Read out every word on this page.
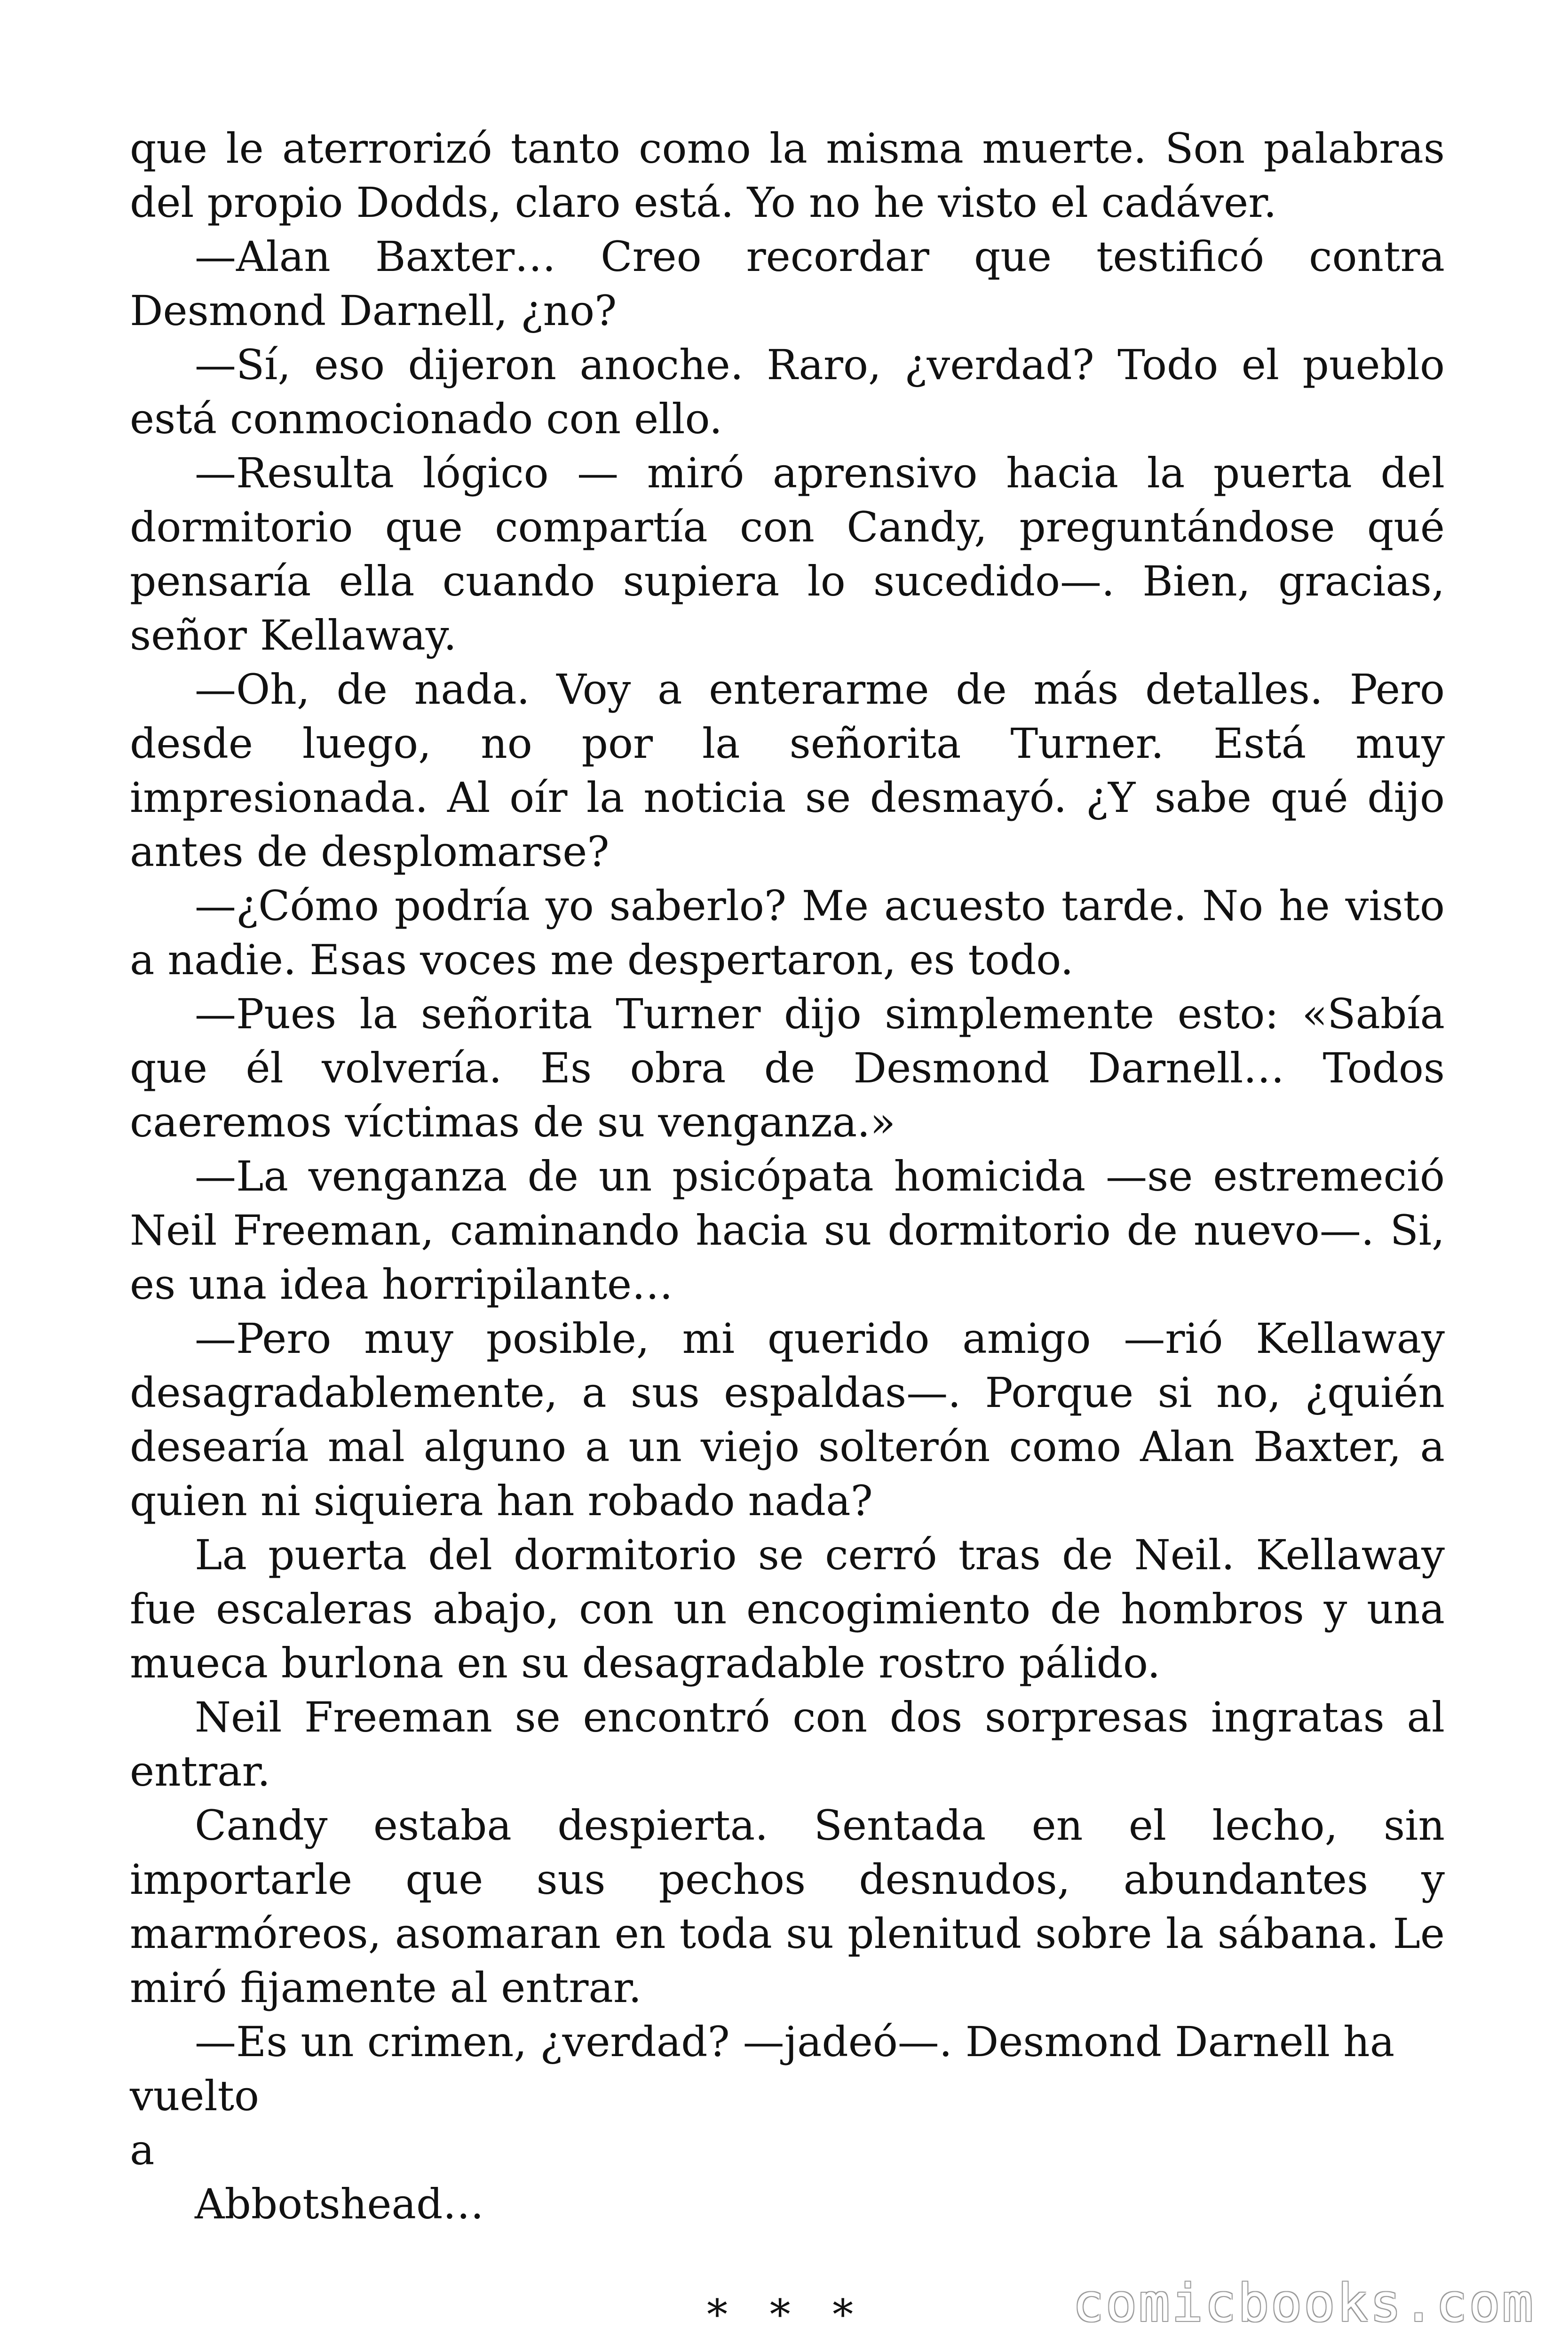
que le aterrorizó tanto como la misma muerte. Son palabras del propio Dodds, claro está. Yo no he visto el cadáver.

—Alan Baxter… Creo recordar que testificó contra Desmond Darnell, ¿no?

—Sí, eso dijeron anoche. Raro, ¿verdad? Todo el pueblo está conmocionado con ello.

—Resulta lógico — miró aprensivo hacia la puerta del dormitorio que compartía con Candy, preguntándose qué pensaría ella cuando supiera lo sucedido—. Bien, gracias, señor Kellaway.

—Oh, de nada. Voy a enterarme de más detalles. Pero desde luego, no por la señorita Turner. Está muy impresionada. Al oír la noticia se desmayó. ¿Y sabe qué dijo antes de desplomarse?

—¿Cómo podría yo saberlo? Me acuesto tarde. No he visto a nadie. Esas voces me despertaron, es todo.

—Pues la señorita Turner dijo simplemente esto: «Sabía que él volvería. Es obra de Desmond Darnell… Todos caeremos víctimas de su venganza.»

—La venganza de un psicópata homicida —se estremeció Neil Freeman, caminando hacia su dormitorio de nuevo—. Si, es una idea horripilante…

—Pero muy posible, mi querido amigo —rió Kellaway desagradablemente, a sus espaldas—. Porque si no, ¿quién desearía mal alguno a un viejo solterón como Alan Baxter, a quien ni siquiera han robado nada?

La puerta del dormitorio se cerró tras de Neil. Kellaway fue escaleras abajo, con un encogimiento de hombros y una mueca burlona en su desagradable rostro pálido.

Neil Freeman se encontró con dos sorpresas ingratas al entrar.

Candy estaba despierta. Sentada en el lecho, sin importarle que sus pechos desnudos, abundantes y marmóreos, asomaran en toda su plenitud sobre la sábana. Le miró fijamente al entrar.

—Es un crimen, ¿verdad? —jadeó—. Desmond Darnell ha vuelto

a

Abbotshead…

* * *	comicbooks.com
